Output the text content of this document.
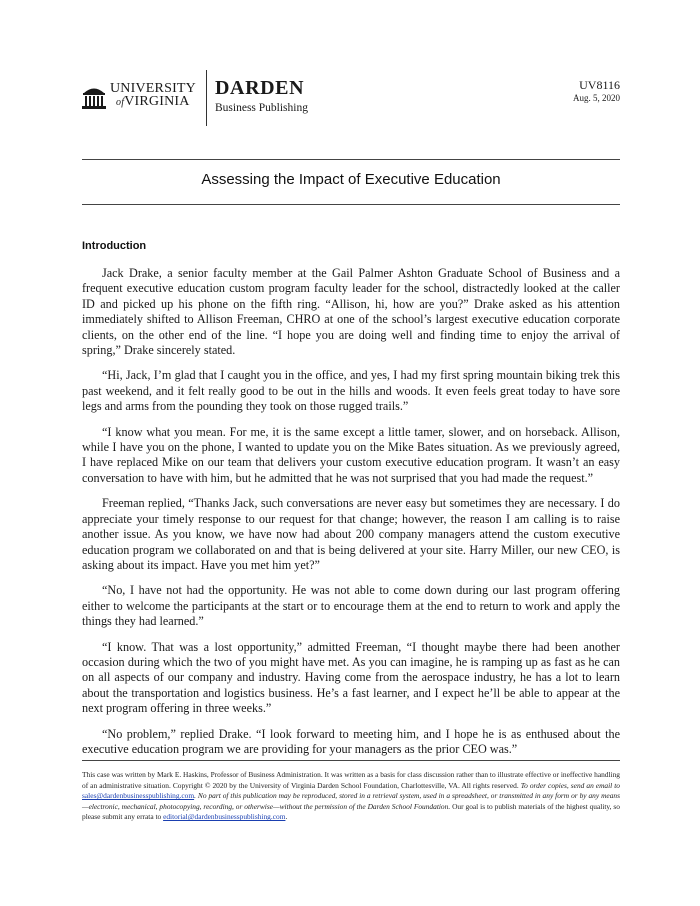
UNIVERSITY
ofVIRGINIA
DARDEN
Business Publishing
UV8116
Aug. 5, 2020
Assessing the Impact of Executive Education
Introduction

Jack Drake, a senior faculty member at the Gail Palmer Ashton Graduate School of Business and a frequent executive education custom program faculty leader for the school, distractedly looked at the caller ID and picked up his phone on the fifth ring. “Allison, hi, how are you?” Drake asked as his attention immediately shifted to Allison Freeman, CHRO at one of the school’s largest executive education corporate clients, on the other end of the line. “I hope you are doing well and finding time to enjoy the arrival of spring,” Drake sincerely stated.

“Hi, Jack, I’m glad that I caught you in the office, and yes, I had my first spring mountain biking trek this past weekend, and it felt really good to be out in the hills and woods. It even feels great today to have sore legs and arms from the pounding they took on those rugged trails.”

“I know what you mean. For me, it is the same except a little tamer, slower, and on horseback. Allison, while I have you on the phone, I wanted to update you on the Mike Bates situation. As we previously agreed, I have replaced Mike on our team that delivers your custom executive education program. It wasn’t an easy conversation to have with him, but he admitted that he was not surprised that you had made the request.”

Freeman replied, “Thanks Jack, such conversations are never easy but sometimes they are necessary. I do appreciate your timely response to our request for that change; however, the reason I am calling is to raise another issue. As you know, we have now had about 200 company managers attend the custom executive education program we collaborated on and that is being delivered at your site. Harry Miller, our new CEO, is asking about its impact. Have you met him yet?”

“No, I have not had the opportunity. He was not able to come down during our last program offering either to welcome the participants at the start or to encourage them at the end to return to work and apply the things they had learned.”

“I know. That was a lost opportunity,” admitted Freeman, “I thought maybe there had been another occasion during which the two of you might have met. As you can imagine, he is ramping up as fast as he can on all aspects of our company and industry. Having come from the aerospace industry, he has a lot to learn about the transportation and logistics business. He’s a fast learner, and I expect he’ll be able to appear at the next program offering in three weeks.”

“No problem,” replied Drake. “I look forward to meeting him, and I hope he is as enthused about the executive education program we are providing for your managers as the prior CEO was.”

This case was written by Mark E. Haskins, Professor of Business Administration. It was written as a basis for class discussion rather than to illustrate effective or ineffective handling of an administrative situation. Copyright © 2020 by the University of Virginia Darden School Foundation, Charlottesville, VA. All rights reserved. To order copies, send an email to sales@dardenbusinesspublishing.com. No part of this publication may be reproduced, stored in a retrieval system, used in a spreadsheet, or transmitted in any form or by any means—electronic, mechanical, photocopying, recording, or otherwise—without the permission of the Darden School Foundation. Our goal is to publish materials of the highest quality, so please submit any errata to editorial@dardenbusinesspublishing.com.
